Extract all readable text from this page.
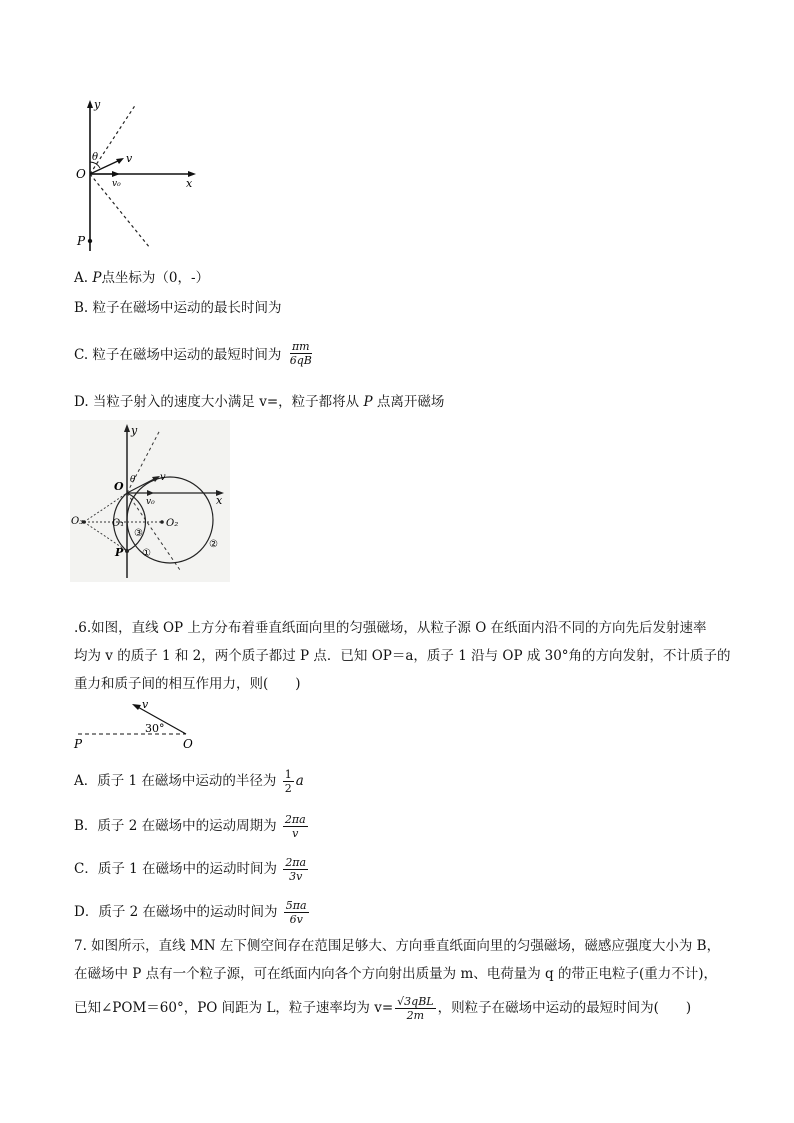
y
x
v
v₀
θ
O
P
A. P点坐标为（0，-）
B. 粒子在磁场中运动的最长时间为
C. 粒子在磁场中运动的最短时间为 $\frac{\pi m}{6qB}$
D. 当粒子射入的速度大小满足 v=，粒子都将从 P 点离开磁场
y
x
v
v₀
θ
O
O₃	O₁	O₂
P
③
①
②
.6.如图，直线 OP 上方分布着垂直纸面向里的匀强磁场，从粒子源 O 在纸面内沿不同的方向先后发射速率
均为 v 的质子 1 和 2，两个质子都过 P 点．已知 OP＝a，质子 1 沿与 OP 成 30°角的方向发射，不计质子的
重力和质子间的相互作用力，则(　　)
v
30°
P	O
A．质子 1 在磁场中运动的半径为 $\frac{1}{2}$ a
B．质子 2 在磁场中的运动周期为 $\frac{2\pi a}{v}$
C．质子 1 在磁场中的运动时间为 $\frac{2\pi a}{3v}$
D．质子 2 在磁场中的运动时间为 $\frac{5\pi a}{6v}$
7. 如图所示，直线 MN 左下侧空间存在范围足够大、方向垂直纸面向里的匀强磁场，磁感应强度大小为 B，
在磁场中 P 点有一个粒子源，可在纸面内向各个方向射出质量为 m、电荷量为 q 的带正电粒子(重力不计)，
已知∠POM＝60°，PO 间距为 L，粒子速率均为 $v= \frac{\text{√3qBL}}{2m}$ ，则粒子在磁场中运动的最短时间为(　　)
